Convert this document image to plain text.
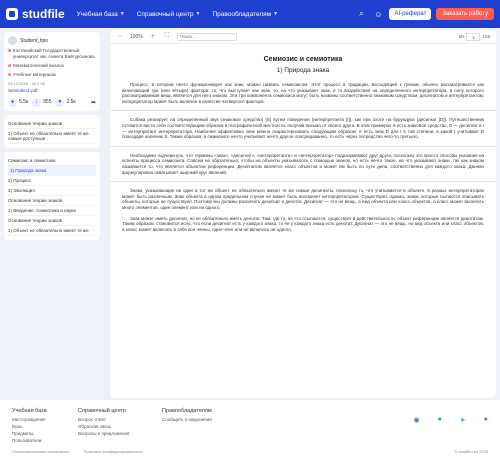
studfile Учебная база ▼ Справочный центр ▼ Правообладателям ▼	⌕	☺	AI-реферат	Заказать работу
Student_tipo
■ Костанайский Государственный университет им. Ахмета Байтурсынова
■ Математический анализ
■ Учебные материалы
09.12.2016 · 46.2 Кб
Semiotics1.pdf
● 5.5к	↓	955	♥	2.5к	➦
Основания теории знаков
1) Объект не обязательно имеет те же самые доступные
Семиозис и семиотика
1) Природа знака
2) Процесс
3) Эволюция
Основания теории знаков
1) Введение. Семиотика и наука
Основания теории знаков
1) Объект не обязательно имеет те же
−	100%	+	⛶
Поиск...	Из	1	125
Семиозис и семиотика
1) Природа знака

Процесс, в котором нечто функционирует как знак, можно назвать семиозисом. Этот процесс в традиции, восходящей к грекам, обычно рассматривался как включающий три (или четыре) фактора: то, что выступает как знак, то, на что указывает знак, и то воздействие на определенного интерпретатора, в силу которого рассматриваемая вещь является для него знаком. Эти три компонента семиозиса могут быть названы соответственно знаковым средством, десигнатом и интерпретантом; интерпретатор может быть включен в качестве четвертого фактора.

Собака реагирует на определенный звук (знаковое средство) [S] путем поведения (интерпретанта [I]), как при охоте на бурундука (десигнат [D]). Путешественник готовится вести себя соответствующим образом в географической местности, получив письмо от своего друга. В этих примерах S есть знаковое средство, D — десигнат и I — интерпретант интерпретатора. Наиболее эффективно знак можно охарактеризовать следующим образом: S есть знак D для I в той степени, в какой I учитывает D благодаря наличию S. Таким образом, в семиозисе нечто учитывает нечто другое опосредованно, то есть через посредство чего-то третьего.

Необходимо подчеркнуть, что термины «знак», «десигнат», «интерпретанта» и «интерпретатор» подразумевают друг друга, поскольку это просто способы указания на аспекты процесса семиозиса. Совсем не обязательно, чтобы на объекты указывалось с помощью знаков, но есть нечто такое, на что указывают знаки, так как знаком называется то, что является объектом референции. Десигнатом является класс объектов и может им быть по сути дела, соответственно для каждого знака. Данная формулировка охватывает широкий круг явлений.

Знаки, указывающие на один и тот же объект, не обязательно имеют те же самые десигнаты, поскольку то, что учитывается в объекте, в разных интерпретаторах может быть различным. Знак объекта в одном предельном случае не может быть воспринят интерпретатором. Существуют, однако, знаки, которые пытаются описывать объекты, которые не существуют. Поэтому мы должны различать десигнат и денотат. Десигнат — это не вещь, а вид объекта или класс объектов, а класс может включать много элементов, один элемент или ни одного.

Знак может иметь десигнат, но не обязательно иметь денотат. Там, где то, на что ссылаются, существует в действительности, объект референции является денотатом. Таким образом, становится ясно, что если десигнат есть у каждого знака, то не у каждого знака есть денотат. Десигнат — это не вещь, но вид объекта или класс объектов, а класс может включать в себя все члены, один член или не включать ни одного.

Учебная база
Месторождение
Вузы
Предметы
Пользователи
Справочный центр
Вопрос-ответ
Обратная связь
Вопросы и предложения
Правообладателям
Сообщить о нарушении	◉	●	➤	●
Пользовательское соглашение	Политика конфиденциальности	© studfile.net 2025
